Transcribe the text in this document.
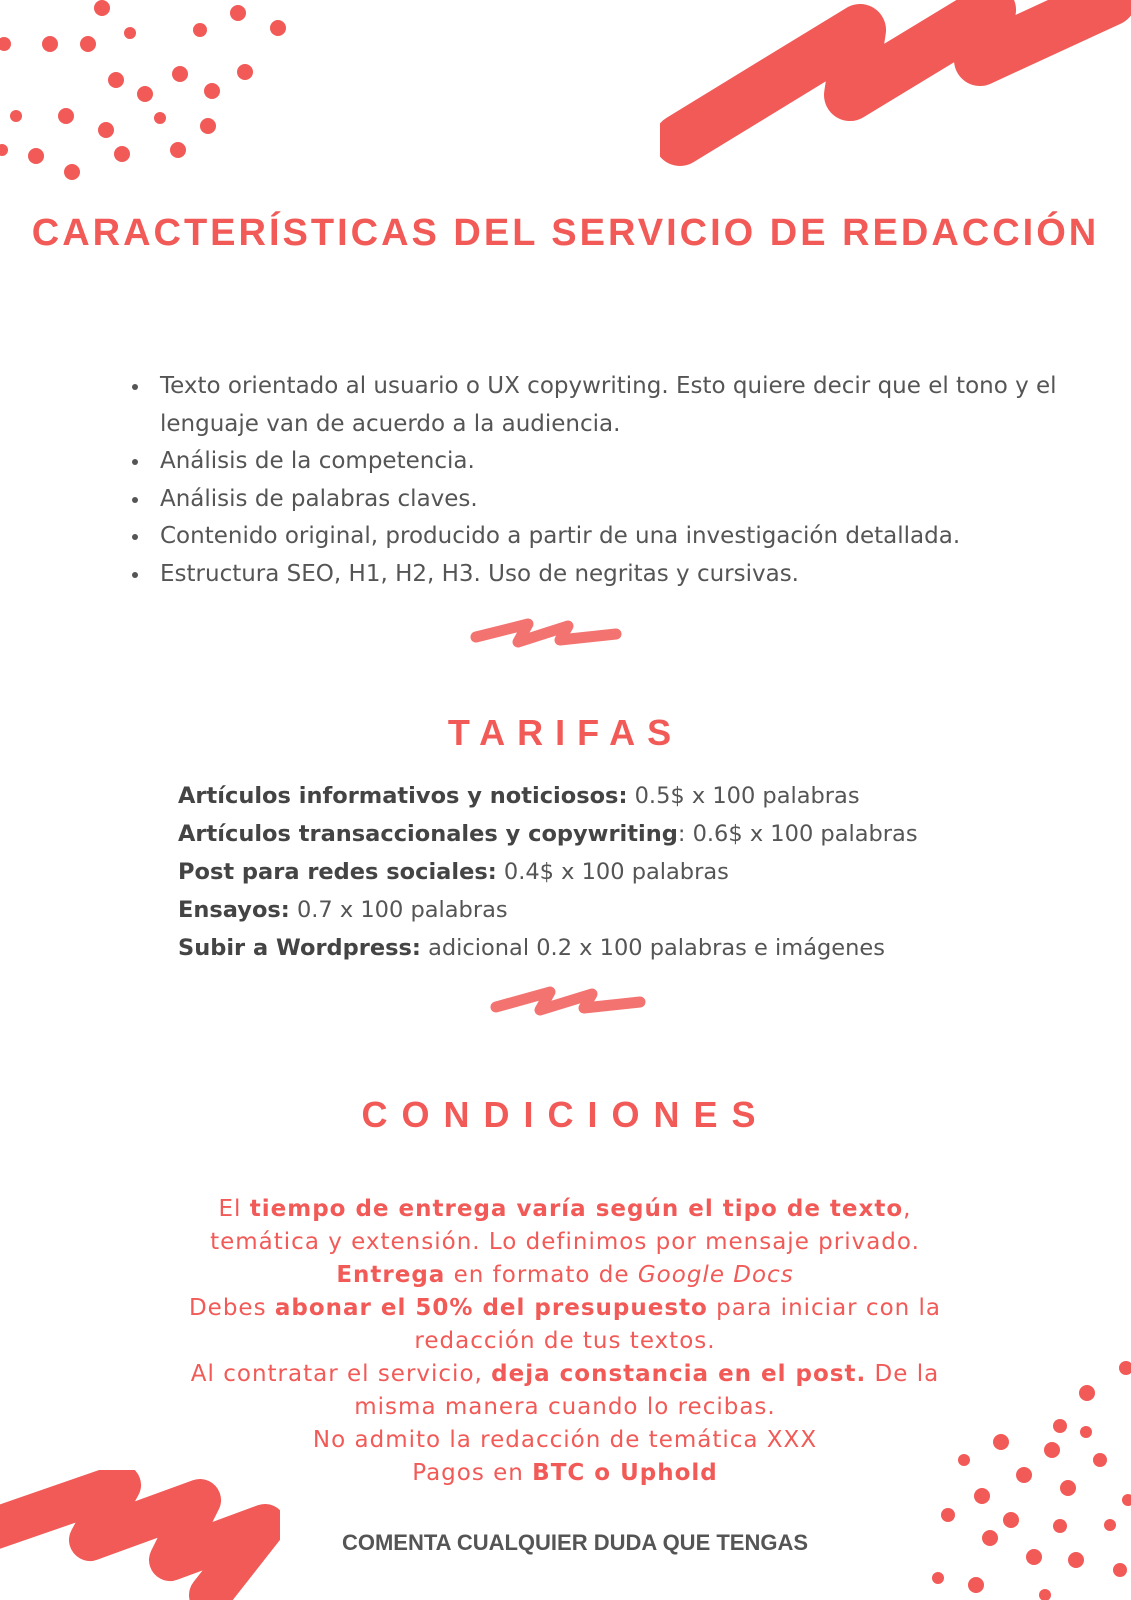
CARACTERÍSTICAS DEL SERVICIO DE REDACCIÓN
Texto orientado al usuario o UX copywriting. Esto quiere decir que el tono y el lenguaje van de acuerdo a la audiencia.
Análisis de la competencia.
Análisis de palabras claves.
Contenido original, producido a partir de una investigación detallada.
Estructura SEO, H1, H2, H3. Uso de negritas y cursivas.
TARIFAS
Artículos informativos y noticiosos: 0.5$ x 100 palabras
Artículos transaccionales y copywriting: 0.6$ x 100 palabras
Post para redes sociales: 0.4$ x 100 palabras
Ensayos: 0.7 x 100 palabras
Subir a Wordpress: adicional 0.2 x 100 palabras e imágenes
CONDICIONES
El tiempo de entrega varía según el tipo de texto, temática y extensión. Lo definimos por mensaje privado.
Entrega en formato de Google Docs
Debes abonar el 50% del presupuesto para iniciar con la redacción de tus textos.
Al contratar el servicio, deja constancia en el post. De la misma manera cuando lo recibas.
No admito la redacción de temática XXX
Pagos en BTC o Uphold
COMENTA CUALQUIER DUDA QUE TENGAS
